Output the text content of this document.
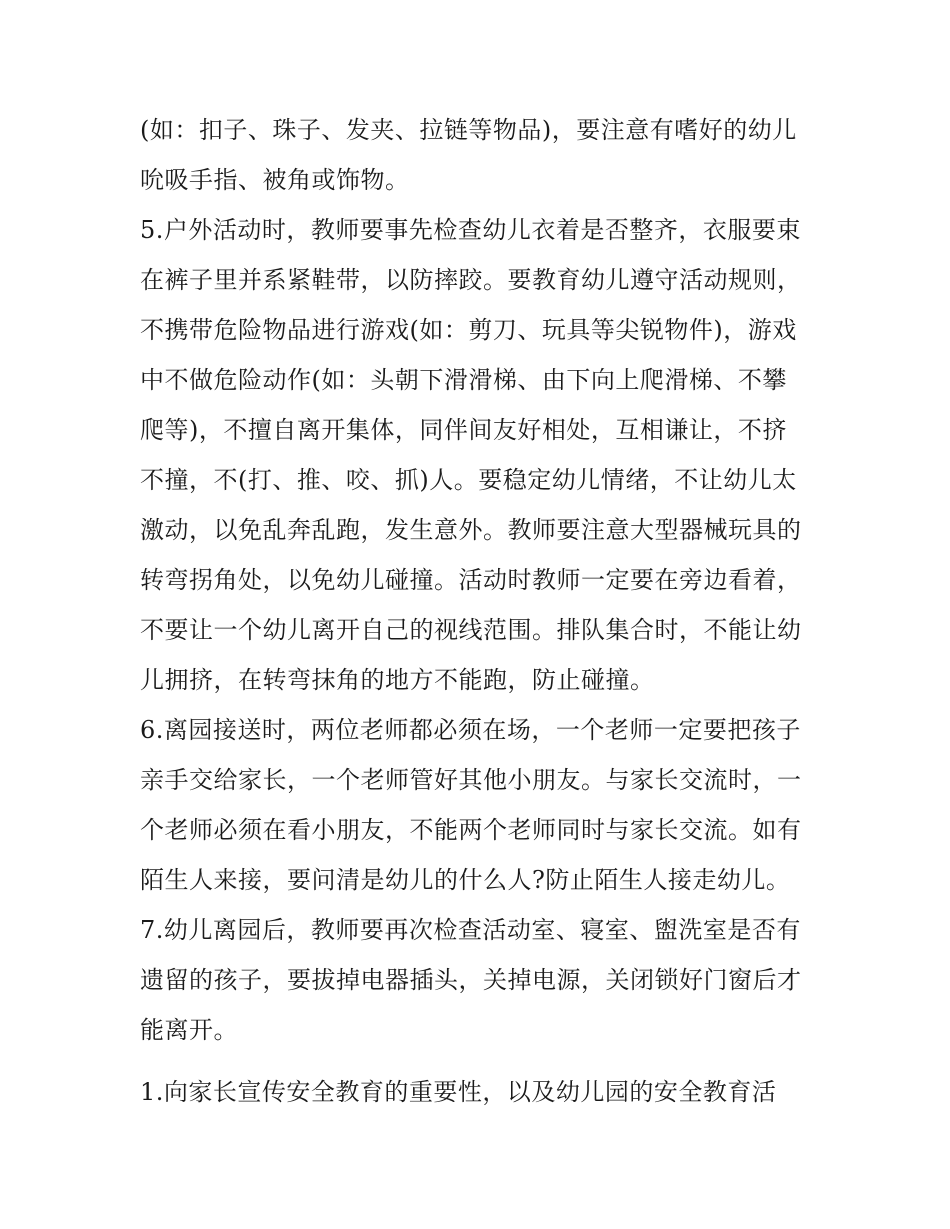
(如：扣子、珠子、发夹、拉链等物品)，要注意有嗜好的幼儿
吮吸手指、被角或饰物。
5.户外活动时，教师要事先检查幼儿衣着是否整齐，衣服要束
在裤子里并系紧鞋带，以防摔跤。要教育幼儿遵守活动规则，
不携带危险物品进行游戏(如：剪刀、玩具等尖锐物件)，游戏
中不做危险动作(如：头朝下滑滑梯、由下向上爬滑梯、不攀
爬等)，不擅自离开集体，同伴间友好相处，互相谦让，不挤
不撞，不(打、推、咬、抓)人。要稳定幼儿情绪，不让幼儿太
激动，以免乱奔乱跑，发生意外。教师要注意大型器械玩具的
转弯拐角处，以免幼儿碰撞。活动时教师一定要在旁边看着，
不要让一个幼儿离开自己的视线范围。排队集合时，不能让幼
儿拥挤，在转弯抹角的地方不能跑，防止碰撞。
6.离园接送时，两位老师都必须在场，一个老师一定要把孩子
亲手交给家长，一个老师管好其他小朋友。与家长交流时，一
个老师必须在看小朋友，不能两个老师同时与家长交流。如有
陌生人来接，要问清是幼儿的什么人?防止陌生人接走幼儿。
7.幼儿离园后，教师要再次检查活动室、寝室、盥洗室是否有
遗留的孩子，要拔掉电器插头，关掉电源，关闭锁好门窗后才
能离开。
1.向家长宣传安全教育的重要性，以及幼儿园的安全教育活
